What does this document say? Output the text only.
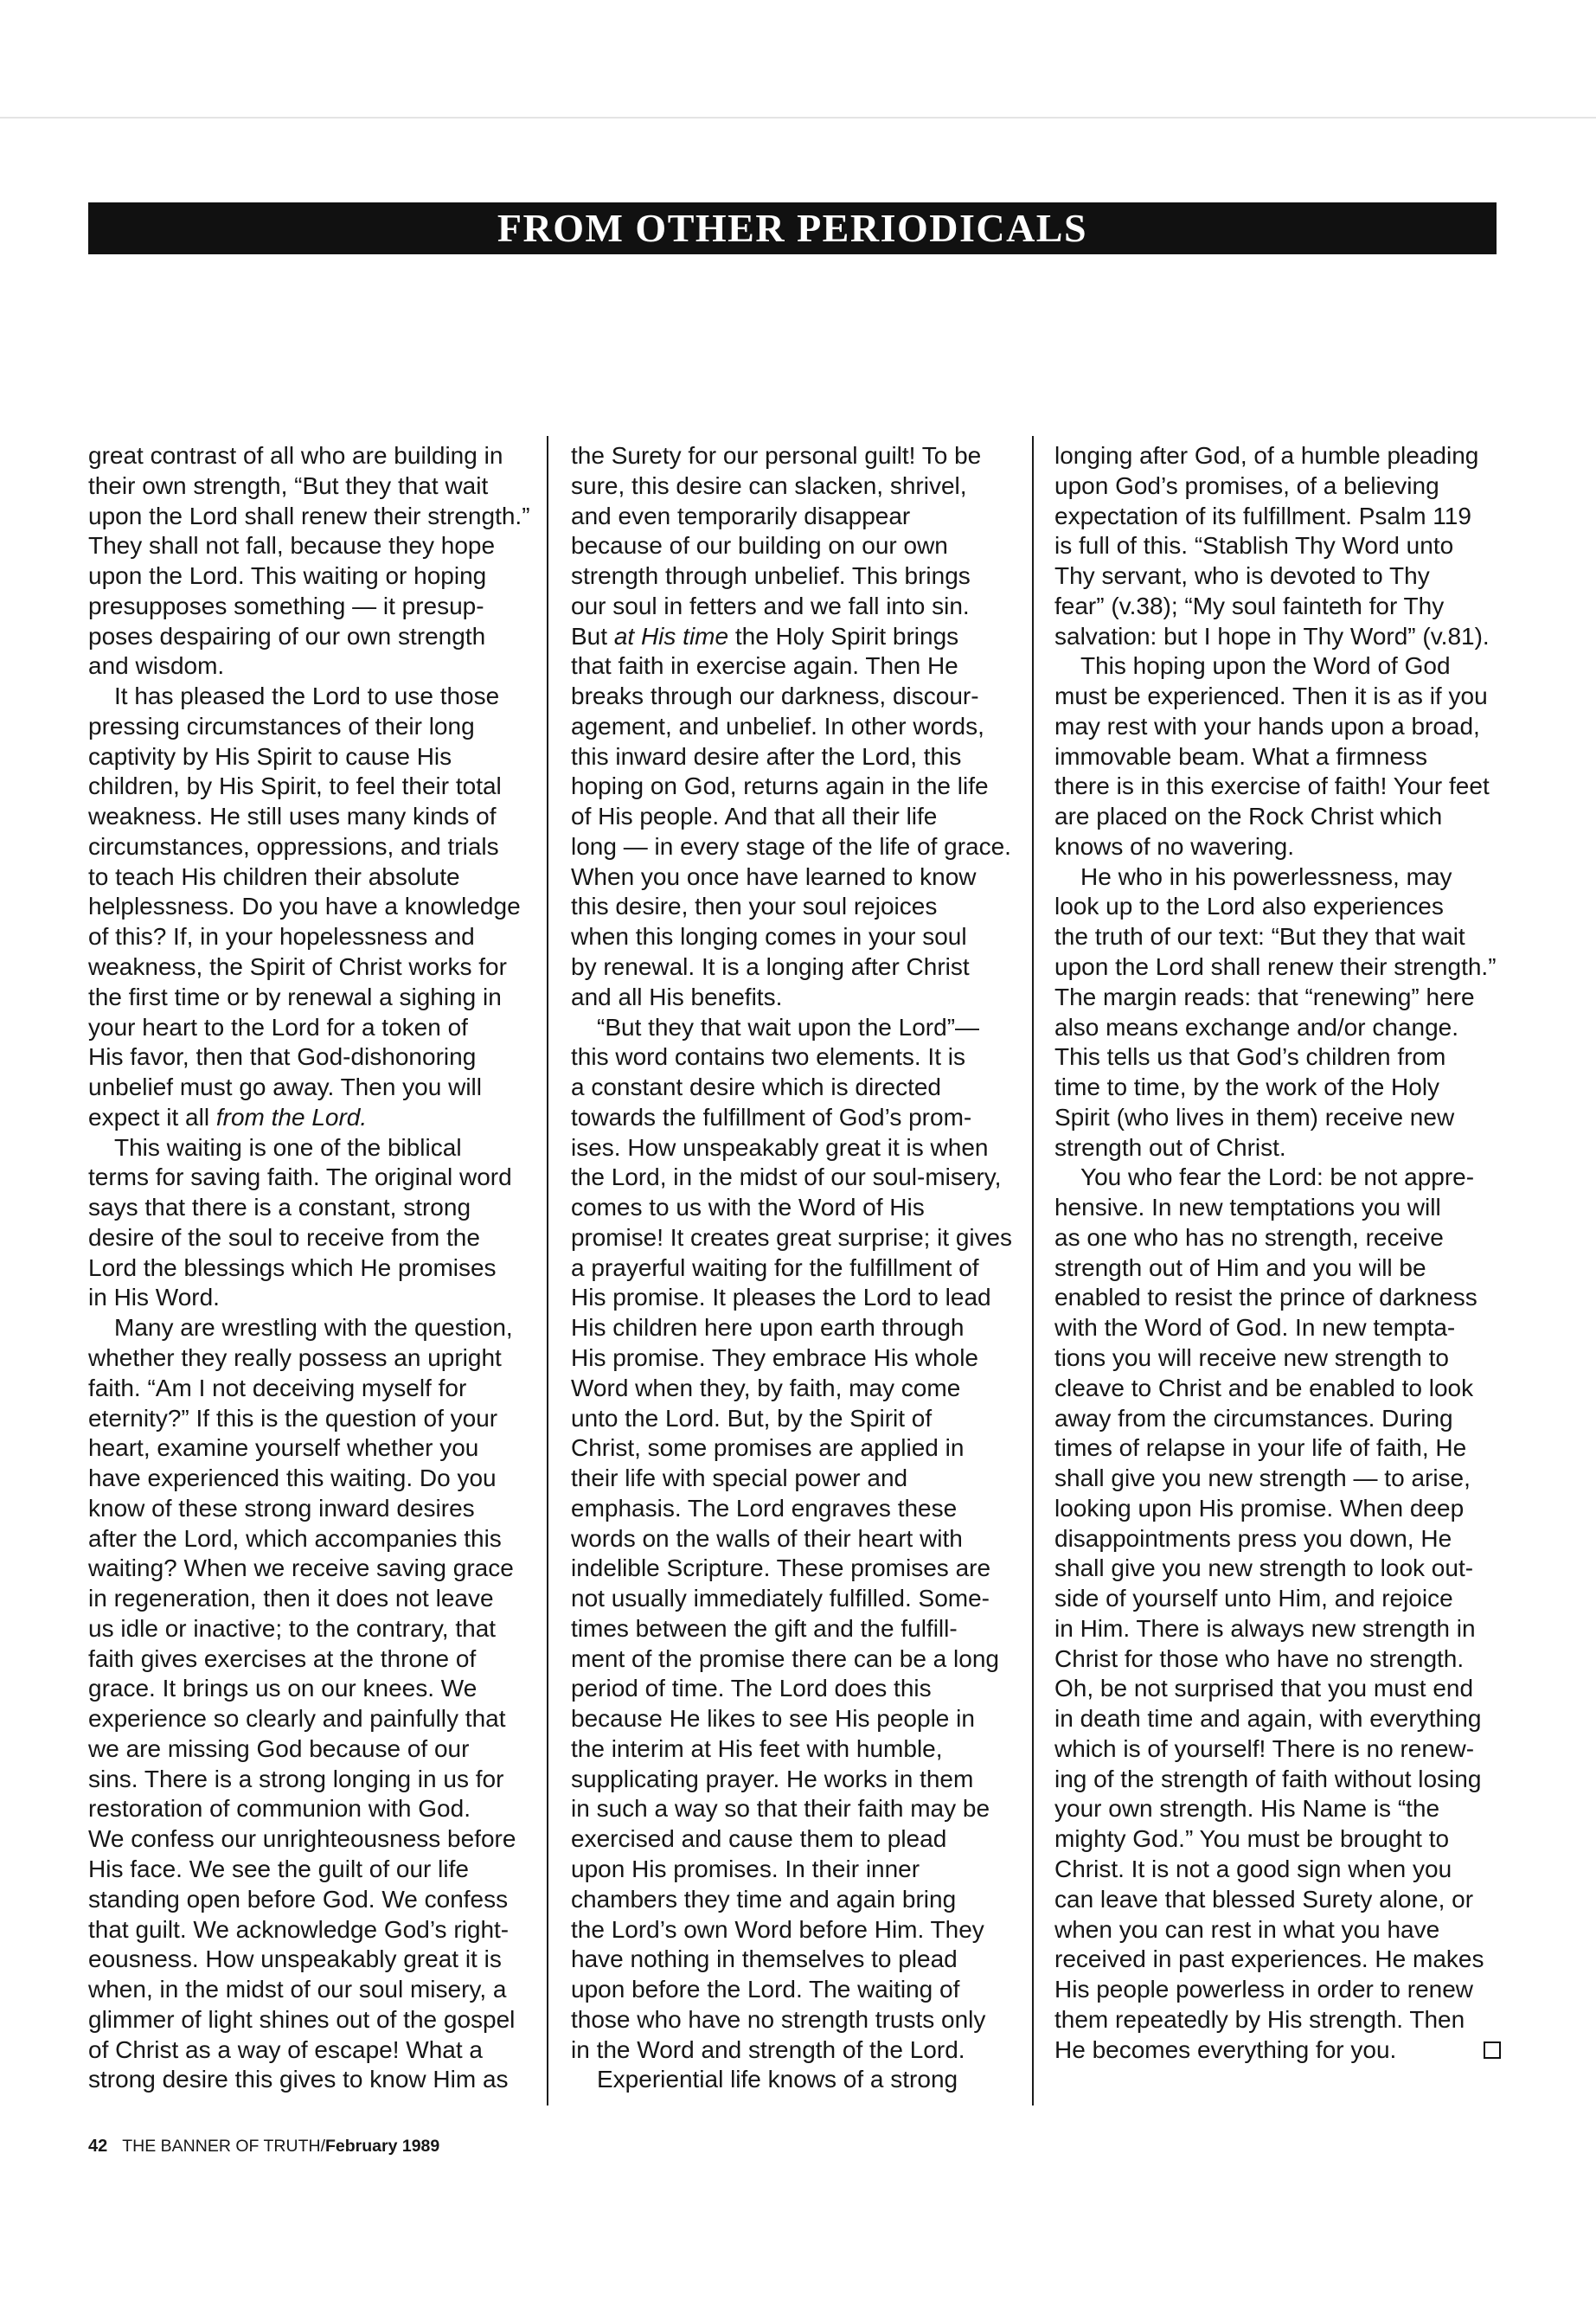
FROM OTHER PERIODICALS
great contrast of all who are building in
their own strength, “But they that wait
upon the Lord shall renew their strength.”
They shall not fall, because they hope
upon the Lord. This waiting or hoping
presupposes something — it presup-
poses despairing of our own strength
and wisdom.
It has pleased the Lord to use those
pressing circumstances of their long
captivity by His Spirit to cause His
children, by His Spirit, to feel their total
weakness. He still uses many kinds of
circumstances, oppressions, and trials
to teach His children their absolute
helplessness. Do you have a knowledge
of this? If, in your hopelessness and
weakness, the Spirit of Christ works for
the first time or by renewal a sighing in
your heart to the Lord for a token of
His favor, then that God-dishonoring
unbelief must go away. Then you will
expect it all from the Lord.
This waiting is one of the biblical
terms for saving faith. The original word
says that there is a constant, strong
desire of the soul to receive from the
Lord the blessings which He promises
in His Word.
Many are wrestling with the question,
whether they really possess an upright
faith. “Am I not deceiving myself for
eternity?” If this is the question of your
heart, examine yourself whether you
have experienced this waiting. Do you
know of these strong inward desires
after the Lord, which accompanies this
waiting? When we receive saving grace
in regeneration, then it does not leave
us idle or inactive; to the contrary, that
faith gives exercises at the throne of
grace. It brings us on our knees. We
experience so clearly and painfully that
we are missing God because of our
sins. There is a strong longing in us for
restoration of communion with God.
We confess our unrighteousness before
His face. We see the guilt of our life
standing open before God. We confess
that guilt. We acknowledge God’s right-
eousness. How unspeakably great it is
when, in the midst of our soul misery, a
glimmer of light shines out of the gospel
of Christ as a way of escape! What a
strong desire this gives to know Him as
the Surety for our personal guilt! To be
sure, this desire can slacken, shrivel,
and even temporarily disappear
because of our building on our own
strength through unbelief. This brings
our soul in fetters and we fall into sin.
But at His time the Holy Spirit brings
that faith in exercise again. Then He
breaks through our darkness, discour-
agement, and unbelief. In other words,
this inward desire after the Lord, this
hoping on God, returns again in the life
of His people. And that all their life
long — in every stage of the life of grace.
When you once have learned to know
this desire, then your soul rejoices
when this longing comes in your soul
by renewal. It is a longing after Christ
and all His benefits.
“But they that wait upon the Lord”—
this word contains two elements. It is
a constant desire which is directed
towards the fulfillment of God’s prom-
ises. How unspeakably great it is when
the Lord, in the midst of our soul-misery,
comes to us with the Word of His
promise! It creates great surprise; it gives
a prayerful waiting for the fulfillment of
His promise. It pleases the Lord to lead
His children here upon earth through
His promise. They embrace His whole
Word when they, by faith, may come
unto the Lord. But, by the Spirit of
Christ, some promises are applied in
their life with special power and
emphasis. The Lord engraves these
words on the walls of their heart with
indelible Scripture. These promises are
not usually immediately fulfilled. Some-
times between the gift and the fulfill-
ment of the promise there can be a long
period of time. The Lord does this
because He likes to see His people in
the interim at His feet with humble,
supplicating prayer. He works in them
in such a way so that their faith may be
exercised and cause them to plead
upon His promises. In their inner
chambers they time and again bring
the Lord’s own Word before Him. They
have nothing in themselves to plead
upon before the Lord. The waiting of
those who have no strength trusts only
in the Word and strength of the Lord.
Experiential life knows of a strong
longing after God, of a humble pleading
upon God’s promises, of a believing
expectation of its fulfillment. Psalm 119
is full of this. “Stablish Thy Word unto
Thy servant, who is devoted to Thy
fear” (v.38); “My soul fainteth for Thy
salvation: but I hope in Thy Word” (v.81).
This hoping upon the Word of God
must be experienced. Then it is as if you
may rest with your hands upon a broad,
immovable beam. What a firmness
there is in this exercise of faith! Your feet
are placed on the Rock Christ which
knows of no wavering.
He who in his powerlessness, may
look up to the Lord also experiences
the truth of our text: “But they that wait
upon the Lord shall renew their strength.”
The margin reads: that “renewing” here
also means exchange and/or change.
This tells us that God’s children from
time to time, by the work of the Holy
Spirit (who lives in them) receive new
strength out of Christ.
You who fear the Lord: be not appre-
hensive. In new temptations you will
as one who has no strength, receive
strength out of Him and you will be
enabled to resist the prince of darkness
with the Word of God. In new tempta-
tions you will receive new strength to
cleave to Christ and be enabled to look
away from the circumstances. During
times of relapse in your life of faith, He
shall give you new strength — to arise,
looking upon His promise. When deep
disappointments press you down, He
shall give you new strength to look out-
side of yourself unto Him, and rejoice
in Him. There is always new strength in
Christ for those who have no strength.
Oh, be not surprised that you must end
in death time and again, with everything
which is of yourself! There is no renew-
ing of the strength of faith without losing
your own strength. His Name is “the
mighty God.” You must be brought to
Christ. It is not a good sign when you
can leave that blessed Surety alone, or
when you can rest in what you have
received in past experiences. He makes
His people powerless in order to renew
them repeatedly by His strength. Then
He becomes everything for you.
42 THE BANNER OF TRUTH / February 1989
